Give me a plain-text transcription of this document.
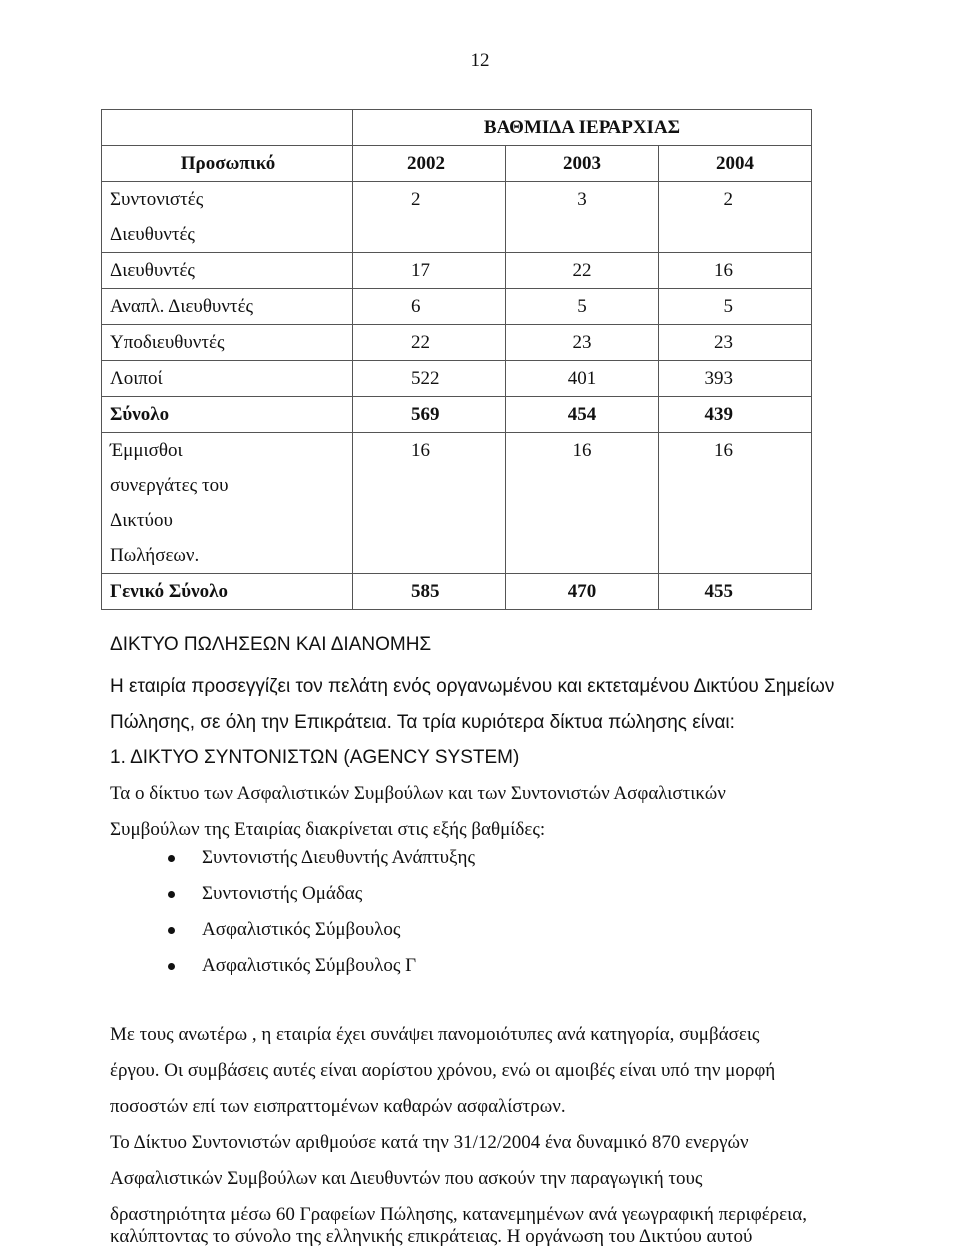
12
	ΒΑΘΜΙΔΑ ΙΕΡΑΡΧΙΑΣ		
Προσωπικό	2002	2003	2004

Συντονιστές
Διευθυντές	2	3	2

Διευθυντές	17	22	16

Αναπλ. Διευθυντές	6	5	5

Υποδιευθυντές	22	23	23

Λοιποί	522	401	393

Σύνολο	569	454	439

Έμμισθοι
συνεργάτες του
Δικτύου
Πωλήσεων.	16	16	16

Γενικό Σύνολο	585	470	455
ΔΙΚΤΥΟ ΠΩΛΗΣΕΩΝ ΚΑΙ ΔΙΑΝΟΜΗΣ
Η εταιρία προσεγγίζει τον πελάτη ενός οργανωμένου και εκτεταμένου Δικτύου Σημείων
Πώλησης, σε όλη την Επικράτεια. Τα τρία κυριότερα δίκτυα πώλησης είναι:
1. ΔΙΚΤΥΟ ΣΥΝΤΟΝΙΣΤΩΝ (AGENCY SYSTEM)
Τα ο δίκτυο των Ασφαλιστικών Συμβούλων και των Συντονιστών Ασφαλιστικών
Συμβούλων της Εταιρίας διακρίνεται στις εξής βαθμίδες:
Συντονιστής Διευθυντής Ανάπτυξης
Συντονιστής Ομάδας
Ασφαλιστικός Σύμβουλος
Ασφαλιστικός Σύμβουλος Γ
Με τους ανωτέρω , η εταιρία έχει συνάψει πανομοιότυπες ανά κατηγορία, συμβάσεις
έργου. Οι συμβάσεις αυτές είναι αορίστου χρόνου, ενώ οι αμοιβές είναι υπό την μορφή
ποσοστών επί των εισπραττομένων καθαρών ασφαλίστρων.
Το Δίκτυο Συντονιστών αριθμούσε κατά την 31/12/2004 ένα δυναμικό 870 ενεργών
Ασφαλιστικών Συμβούλων και Διευθυντών που ασκούν την παραγωγική τους
δραστηριότητα μέσω 60 Γραφείων Πώλησης, κατανεμημένων ανά γεωγραφική περιφέρεια,
καλύπτοντας το σύνολο της ελληνικής επικράτειας. Η οργάνωση του Δικτύου αυτού
